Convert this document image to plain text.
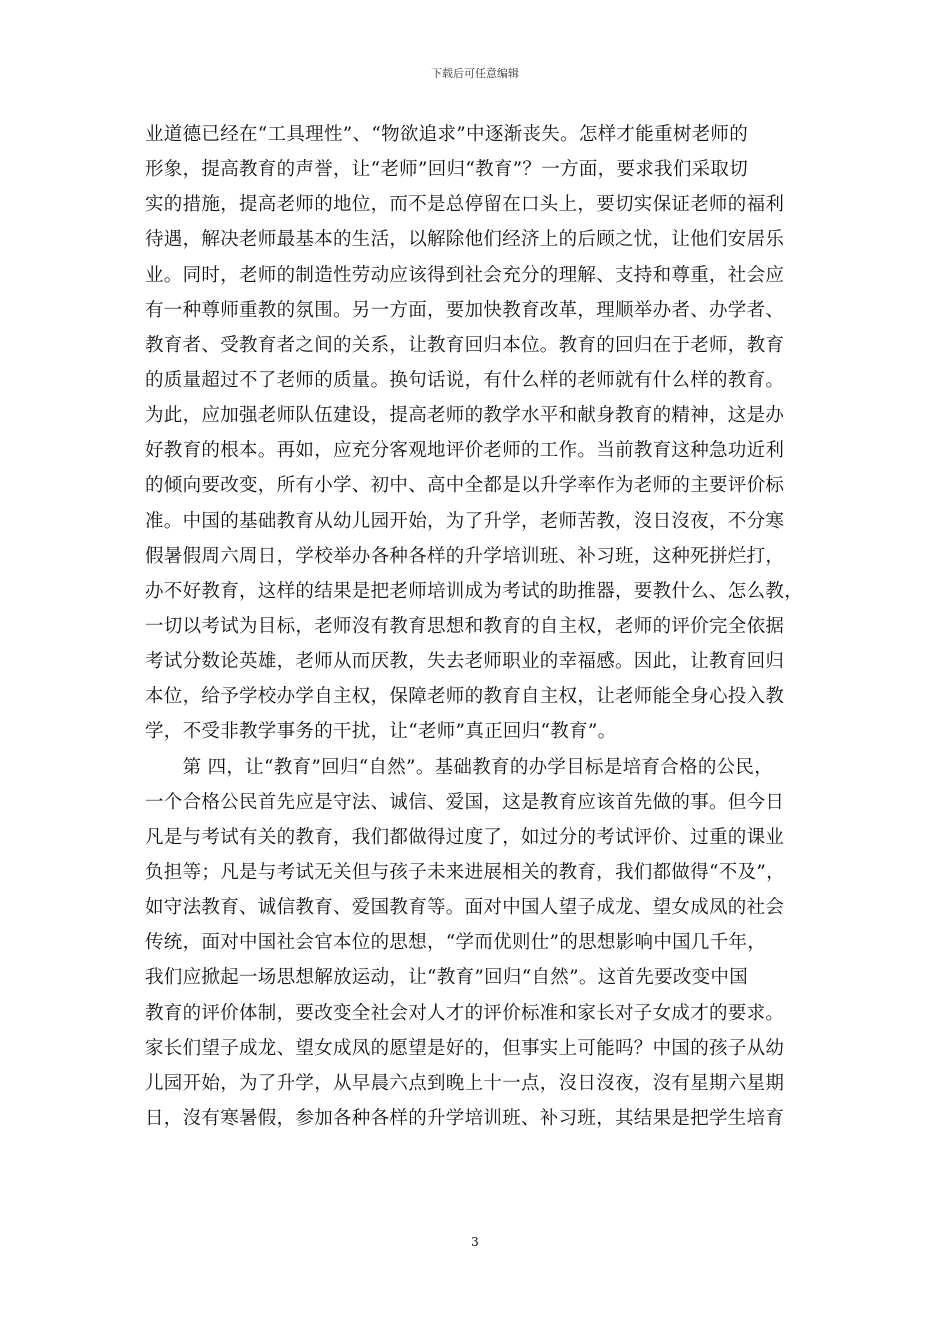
下载后可任意编辑
业道德已经在“工具理性”、“物欲追求”中逐渐丧失。怎样才能重树老师的
形象，提高教育的声誉，让“老师”回归“教育”？一方面，要求我们采取切
实的措施，提高老师的地位，而不是总停留在口头上，要切实保证老师的福利
待遇，解决老师最基本的生活，以解除他们经济上的后顾之忧，让他们安居乐
业。同时，老师的制造性劳动应该得到社会充分的理解、支持和尊重，社会应
有一种尊师重教的氛围。另一方面，要加快教育改革，理顺举办者、办学者、
教育者、受教育者之间的关系，让教育回归本位。教育的回归在于老师，教育
的质量超过不了老师的质量。换句话说，有什么样的老师就有什么样的教育。
为此，应加强老师队伍建设，提高老师的教学水平和献身教育的精神，这是办
好教育的根本。再如，应充分客观地评价老师的工作。当前教育这种急功近利
的倾向要改变，所有小学、初中、高中全都是以升学率作为老师的主要评价标
准。中国的基础教育从幼儿园开始，为了升学，老师苦教，沒日沒夜，不分寒
假暑假周六周日，学校举办各种各样的升学培训班、补习班，这种死拼烂打，
办不好教育，这样的结果是把老师培训成为考试的助推器，要教什么、怎么教，
一切以考试为目标，老师沒有教育思想和教育的自主权，老师的评价完全依据
考试分数论英雄，老师从而厌教，失去老师职业的幸福感。因此，让教育回归
本位，给予学校办学自主权，保障老师的教育自主权，让老师能全身心投入教
学，不受非教学事务的干扰，让“老师”真正回归“教育”。
　　第 四，让“教育”回归“自然”。基础教育的办学目标是培育合格的公民，
一个合格公民首先应是守法、诚信、爱国，这是教育应该首先做的事。但今日
凡是与考试有关的教育，我们都做得过度了，如过分的考试评价、过重的课业
负担等；凡是与考试无关但与孩子未来进展相关的教育，我们都做得“不及”，
如守法教育、诚信教育、爱国教育等。面对中国人望子成龙、望女成凤的社会
传统，面对中国社会官本位的思想，“学而优则仕”的思想影响中国几千年，
我们应掀起一场思想解放运动，让“教育”回归“自然”。这首先要改变中国
教育的评价体制，要改变全社会对人才的评价标准和家长对子女成才的要求。
家长们望子成龙、望女成凤的愿望是好的，但事实上可能吗？中国的孩子从幼
儿园开始，为了升学，从早晨六点到晚上十一点，沒日沒夜，沒有星期六星期
日，沒有寒暑假，参加各种各样的升学培训班、补习班，其结果是把学生培育
3
